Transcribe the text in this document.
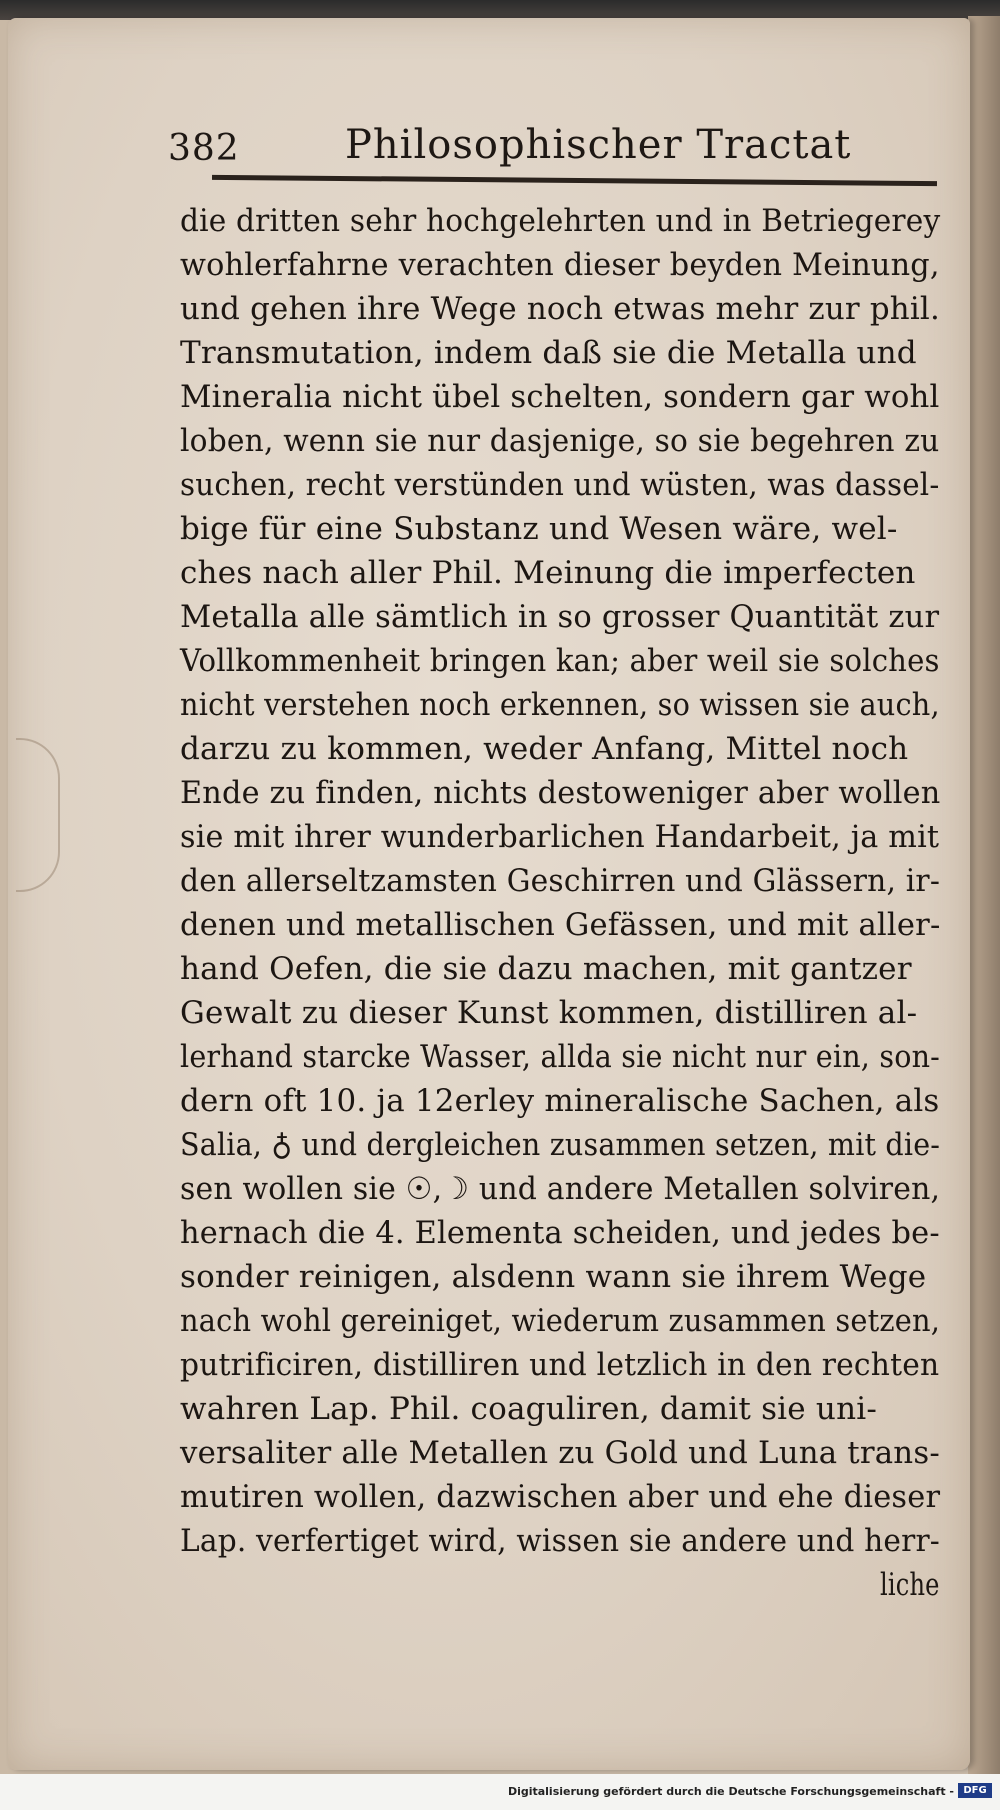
382	Philosophischer Tractat
die dritten sehr hochgelehrten und in Betriegerey
wohlerfahrne verachten dieser beyden Meinung,
und gehen ihre Wege noch etwas mehr zur phil.
Transmutation, indem daß sie die Metalla und
Mineralia nicht übel schelten, sondern gar wohl
loben, wenn sie nur dasjenige, so sie begehren zu
suchen, recht verstünden und wüsten, was dassel-
bige für eine Substanz und Wesen wäre, wel-
ches nach aller Phil. Meinung die imperfecten
Metalla alle sämtlich in so grosser Quantität zur
Vollkommenheit bringen kan; aber weil sie solches
nicht verstehen noch erkennen, so wissen sie auch,
darzu zu kommen, weder Anfang, Mittel noch
Ende zu finden, nichts destoweniger aber wollen
sie mit ihrer wunderbarlichen Handarbeit, ja mit
den allerseltzamsten Geschirren und Glässern, ir-
denen und metallischen Gefässen, und mit aller-
hand Oefen, die sie dazu machen, mit gantzer
Gewalt zu dieser Kunst kommen, distilliren al-
lerhand starcke Wasser, allda sie nicht nur ein, son-
dern oft 10. ja 12erley mineralische Sachen, als
Salia, ♁ und dergleichen zusammen setzen, mit die-
sen wollen sie ☉,☽ und andere Metallen solviren,
hernach die 4. Elementa scheiden, und jedes be-
sonder reinigen, alsdenn wann sie ihrem Wege
nach wohl gereiniget, wiederum zusammen setzen,
putrificiren, distilliren und letzlich in den rechten
wahren Lap. Phil. coaguliren, damit sie uni-
versaliter alle Metallen zu Gold und Luna trans-
mutiren wollen, dazwischen aber und ehe dieser
Lap. verfertiget wird, wissen sie andere und herr-
liche
Digitalisierung gefördert durch die Deutsche Forschungsgemeinschaft - DFG
